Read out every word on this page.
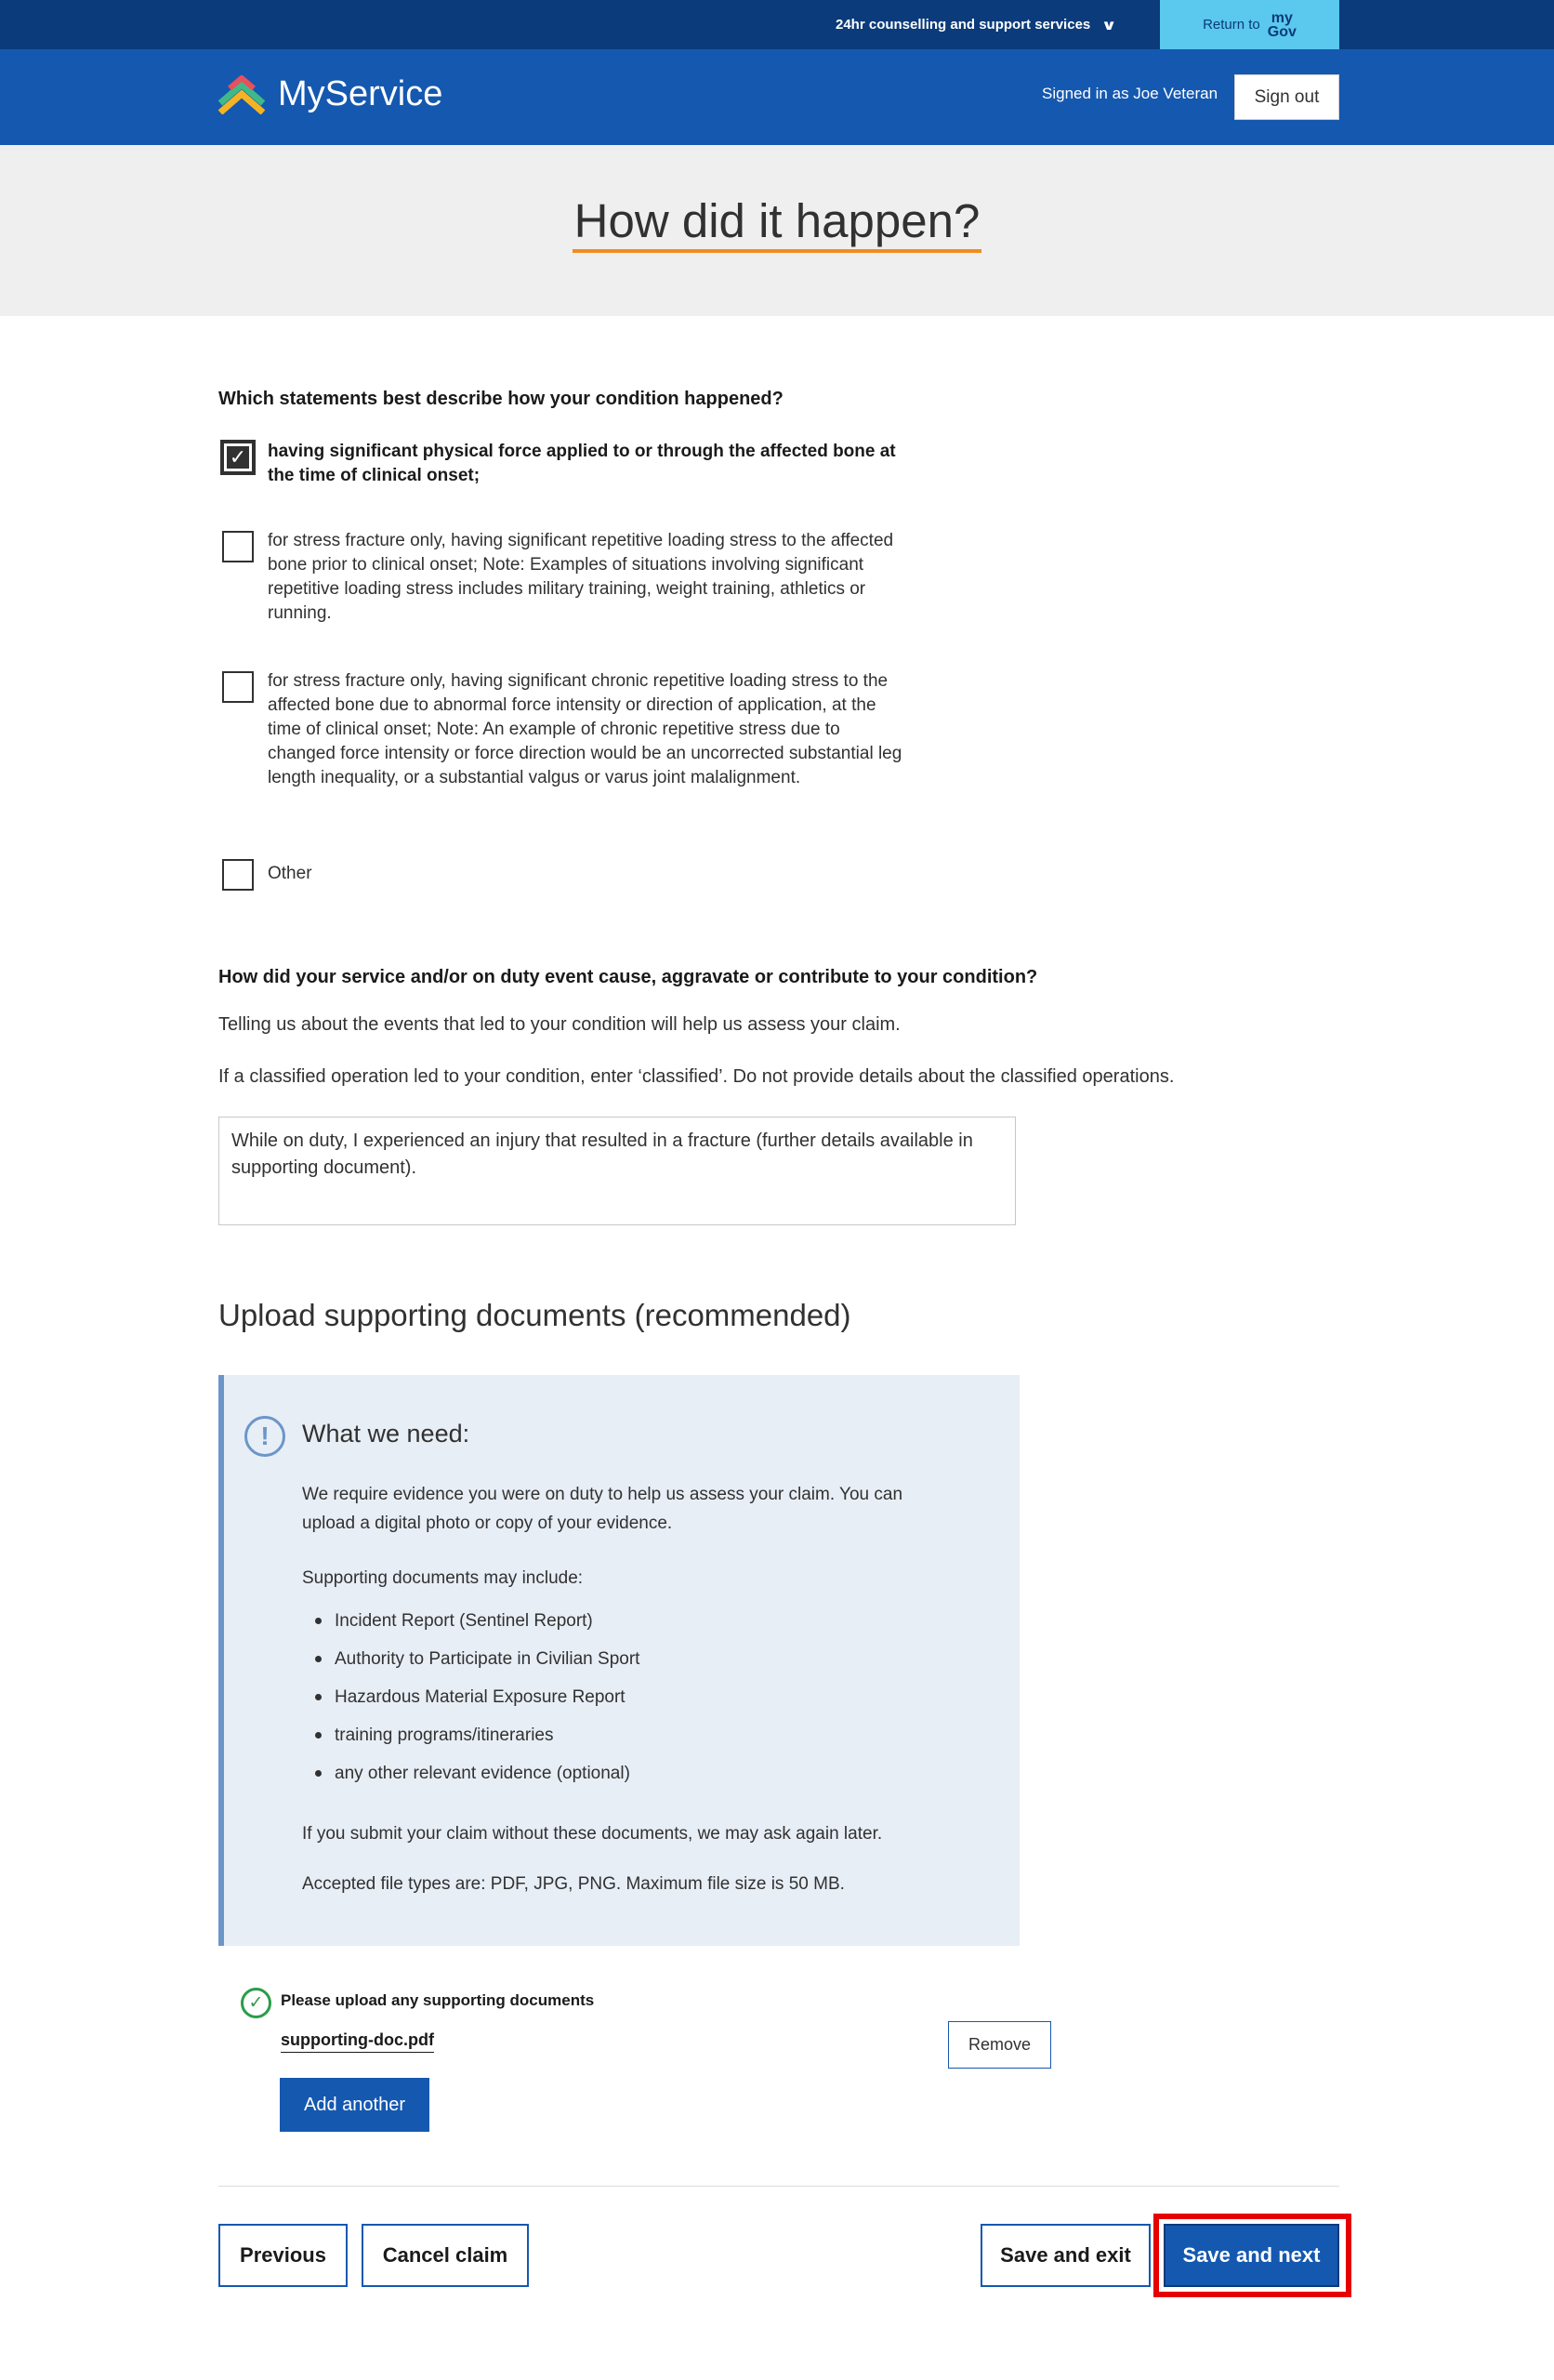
24hr counselling and support services ∨	Return to my
Gov
MyService	Signed in as Joe Veteran	Sign out
How did it happen?
Which statements best describe how your condition happened?
✓ having significant physical force applied to or through the affected bone at the time of clinical onset;
for stress fracture only, having significant repetitive loading stress to the affected bone prior to clinical onset; Note: Examples of situations involving significant repetitive loading stress includes military training, weight training, athletics or running.
for stress fracture only, having significant chronic repetitive loading stress to the affected bone due to abnormal force intensity or direction of application, at the time of clinical onset; Note: An example of chronic repetitive stress due to changed force intensity or force direction would be an uncorrected substantial leg length inequality, or a substantial valgus or varus joint malalignment.
Other
How did your service and/or on duty event cause, aggravate or contribute to your condition?
Telling us about the events that led to your condition will help us assess your claim.
If a classified operation led to your condition, enter ‘classified’. Do not provide details about the classified operations.
While on duty, I experienced an injury that resulted in a fracture (further details available in supporting document).
Upload supporting documents (recommended)
!	What we need:
We require evidence you were on duty to help us assess your claim. You can upload a digital photo or copy of your evidence.
Supporting documents may include:
Incident Report (Sentinel Report)
Authority to Participate in Civilian Sport
Hazardous Material Exposure Report
training programs/itineraries
any other relevant evidence (optional)
If you submit your claim without these documents, we may ask again later.
Accepted file types are: PDF, JPG, PNG. Maximum file size is 50 MB.
✓	Please upload any supporting documents
supporting-doc.pdf	Remove
Add another
Previous	Cancel claim	Save and exit	Save and next
